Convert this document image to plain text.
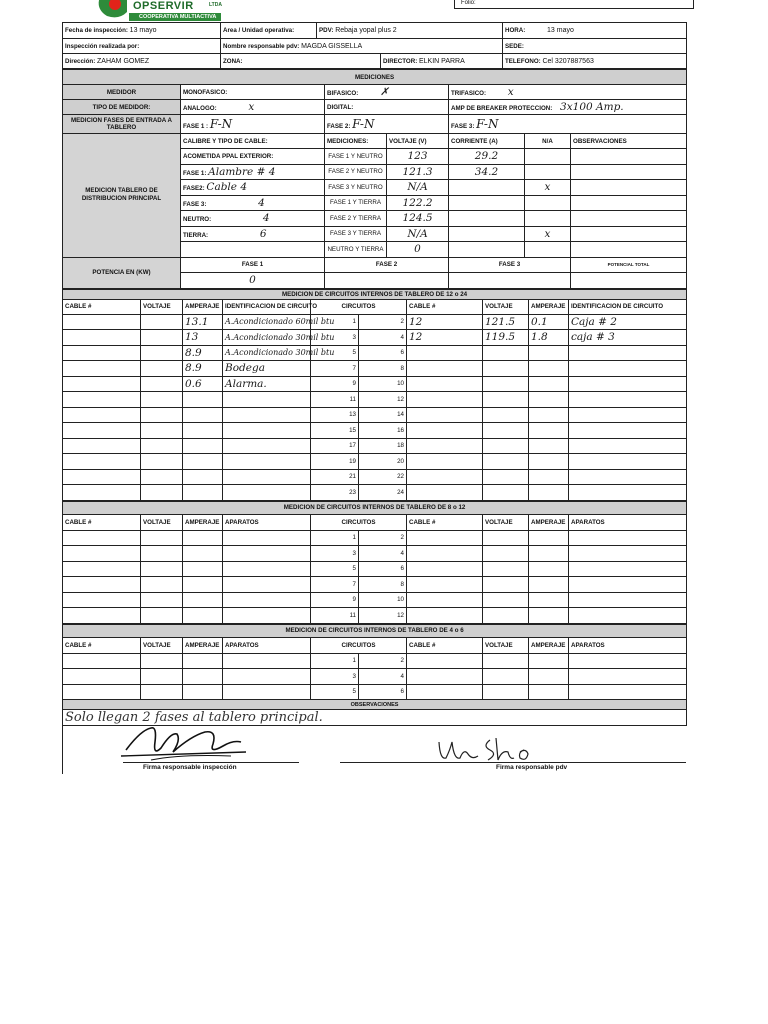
OPSERVIR	LTDA
COOPERATIVA MULTIACTIVA
Folio:
Fecha de inspección: 13 mayo	Area / Unidad operativa:	PDV: Rebaja yopal plus 2		HORA: 13 mayo
Inspección realizada por:	Nombre responsable pdv: MAGDA GISSELLA			SEDE:
Dirección: ZAHAM GOMEZ	ZONA:		DIRECTOR: ELKIN PARRA	TELEFONO: Cel 3207887563
MEDICIONES						
MEDIDOR	MONOFASICO:	BIFASICO: ✗		TRIFASICO: x		
TIPO DE MEDIDOR:	ANALOGO: x	DIGITAL:		AMP DE BREAKER PROTECCION: 3x100 Amp.		
MEDICION FASES DE ENTRADA A TABLERO	FASE 1 : F-N	FASE 2: F-N		FASE 3: F-N		
MEDICION TABLERO DE DISTRIBUCION PRINCIPAL	CALIBRE Y TIPO DE CABLE:	MEDICIONES:	VOLTAJE (V)	CORRIENTE (A)	N/A	OBSERVACIONES
	ACOMETIDA PPAL EXTERIOR:	FASE 1 Y NEUTRO	123	29.2		
	FASE 1: Alambre # 4	FASE 2 Y NEUTRO	121.3	34.2		
	FASE2: Cable 4	FASE 3 Y NEUTRO	N/A		x	
	FASE 3: 4	FASE 1 Y TIERRA	122.2			
	NEUTRO: 4	FASE 2 Y TIERRA	124.5			
	TIERRA: 6	FASE 3 Y TIERRA	N/A		x	
		NEUTRO Y TIERRA	0			
POTENCIA EN (KW)	FASE 1	FASE 2		FASE 3		POTENCIAL TOTAL
	0					
MEDICION DE CIRCUITOS INTERNOS DE TABLERO DE 12 o 24									
CABLE #	VOLTAJE	AMPERAJE	IDENTIFICACION DE CIRCUITO	CIRCUITOS		CABLE #	VOLTAJE	AMPERAJE	IDENTIFICACION DE CIRCUITO
		13.1	A.Acondicionado 60mil btu	1	2	12	121.5	0.1	Caja # 2
		13	A.Acondicionado 30mil btu	3	4	12	119.5	1.8	caja # 3
		8.9	A.Acondicionado 30mil btu	5	6				
		8.9	Bodega	7	8				
		0.6	Alarma.	9	10				
				11	12				
				13	14				
				15	16				
				17	18				
				19	20				
				21	22				
				23	24				
MEDICION DE CIRCUITOS INTERNOS DE TABLERO DE 8 o 12									
CABLE #	VOLTAJE	AMPERAJE	APARATOS	CIRCUITOS		CABLE #	VOLTAJE	AMPERAJE	APARATOS
				1	2				
				3	4				
				5	6				
				7	8				
				9	10				
				11	12				
MEDICION DE CIRCUITOS INTERNOS DE TABLERO DE 4 o 6									
CABLE #	VOLTAJE	AMPERAJE	APARATOS	CIRCUITOS		CABLE #	VOLTAJE	AMPERAJE	APARATOS
				1	2				
				3	4				
				5	6				
OBSERVACIONES									
Solo llegan 2 fases al tablero principal.									
Firma responsable inspección	Firma responsable pdv
